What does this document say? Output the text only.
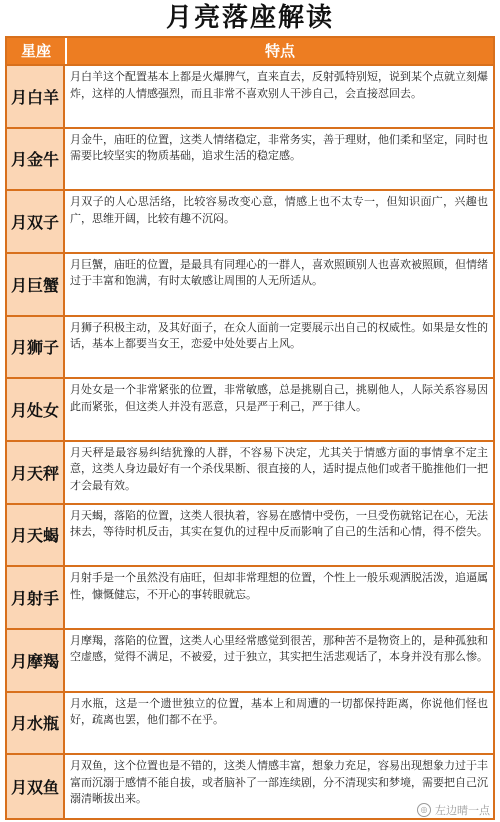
月亮落座解读
星座	特点
月白羊
月白羊这个配置基本上都是火爆脾气，直来直去，反射弧特别短，说到某个点就立刻爆炸，这样的人情感强烈，而且非常不喜欢别人干涉自己，会直接怼回去。
月金牛
月金牛，庙旺的位置，这类人情绪稳定，非常务实，善于理财，他们柔和坚定，同时也需要比较坚实的物质基础，追求生活的稳定感。
月双子
月双子的人心思活络，比较容易改变心意，情感上也不太专一，但知识面广，兴趣也广，思维开阔，比较有趣不沉闷。
月巨蟹
月巨蟹，庙旺的位置，是最具有同理心的一群人，喜欢照顾别人也喜欢被照顾，但情绪过于丰富和饱满，有时太敏感让周围的人无所适从。
月狮子
月狮子积极主动，及其好面子，在众人面前一定要展示出自己的权威性。如果是女性的话，基本上都要当女王，恋爱中处处要占上风。
月处女
月处女是一个非常紧张的位置，非常敏感，总是挑剔自己，挑剔他人，人际关系容易因此而紧张，但这类人并没有恶意，只是严于利己，严于律人。
月天秤
月天秤是最容易纠结犹豫的人群，不容易下决定，尤其关于情感方面的事情拿不定主意，这类人身边最好有一个杀伐果断、很直接的人，适时提点他们或者干脆推他们一把才会最有效。
月天蝎
月天蝎，落陷的位置，这类人很执着，容易在感情中受伤，一旦受伤就铭记在心，无法抹去，等待时机反击，其实在复仇的过程中反而影响了自己的生活和心情，得不偿失。
月射手
月射手是一个虽然没有庙旺，但却非常理想的位置，个性上一般乐观洒脱活泼，追逼属性，慷慨健忘，不开心的事转眼就忘。
月摩羯
月摩羯，落陷的位置，这类人心里经常感觉到很苦，那种苦不是物资上的，是种孤独和空虚感，觉得不满足，不被爱，过于独立，其实把生活悲观话了，本身并没有那么惨。
月水瓶
月水瓶，这是一个遗世独立的位置，基本上和周遭的一切都保持距离，你说他们怪也好，疏离也罢，他们都不在乎。
月双鱼
月双鱼，这个位置也是不错的，这类人情感丰富，想象力充足，容易出现想象力过于丰富而沉溺于感情不能自拔，或者脑补了一部连续剧，分不清现实和梦境，需要把自己沉溺清晰拔出来。
◎ 左边晴一点
